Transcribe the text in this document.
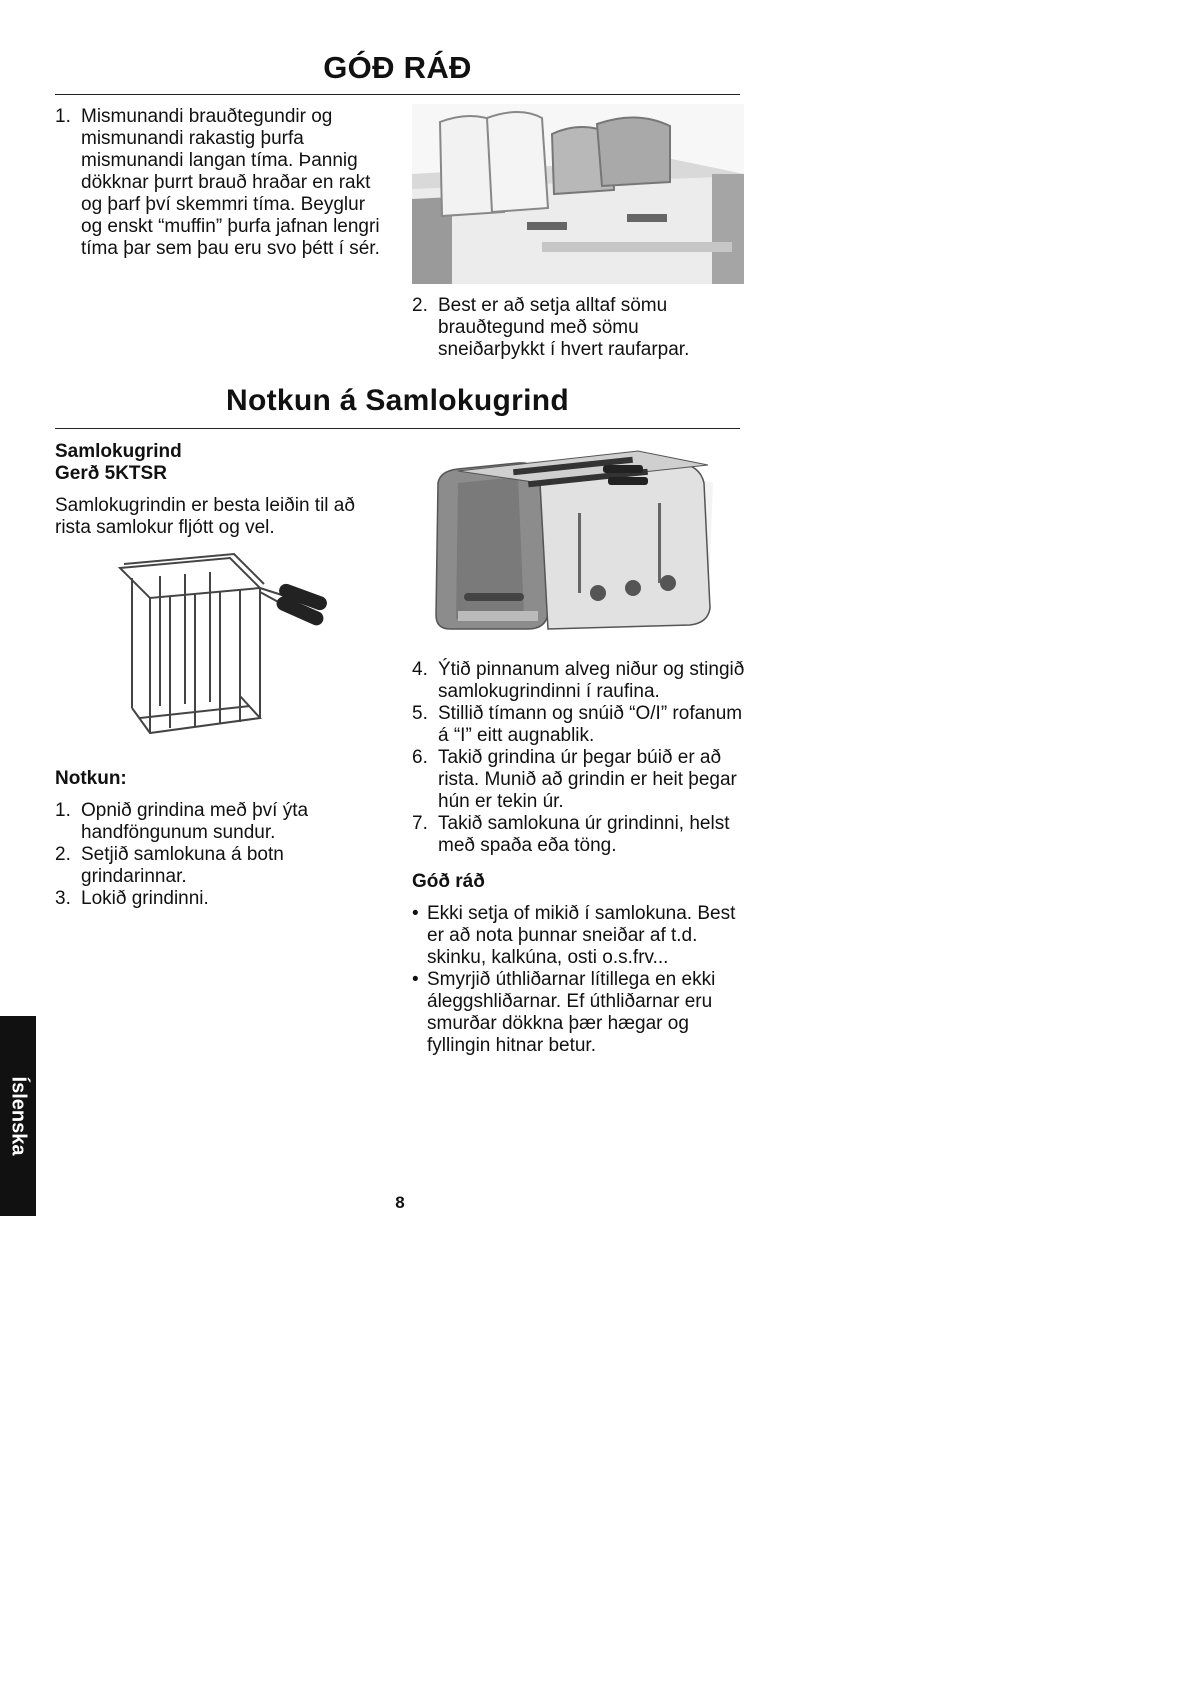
GÓÐ RÁÐ
1. Mismunandi brauðtegundir og mismunandi rakastig þurfa mismunandi langan tíma. Þannig dökknar þurrt brauð hraðar en rakt og þarf því skemmri tíma. Beyglur og enskt “muffin” þurfa jafnan lengri tíma þar sem þau eru svo þétt í sér.
2. Best er að setja alltaf sömu brauðtegund með sömu sneiðarþykkt í hvert raufarpar.
Notkun á Samlokugrind
Samlokugrind
Gerð 5KTSR
Samlokugrindin er besta leiðin til að rista samlokur fljótt og vel.
Notkun:
1. Opnið grindina með því ýta handföngunum sundur.
2. Setjið samlokuna á botn grindarinnar.
3. Lokið grindinni.
4. Ýtið pinnanum alveg niður og stingið samlokugrindinni í raufina.
5. Stillið tímann og snúið “O/I” rofanum á “I” eitt augnablik.
6. Takið grindina úr þegar búið er að rista. Munið að grindin er heit þegar hún er tekin úr.
7. Takið samlokuna úr grindinni, helst með spaða eða töng.
Góð ráð
• Ekki setja of mikið í samlokuna. Best er að nota þunnar sneiðar af t.d. skinku, kalkúna, osti o.s.frv...
• Smyrjið úthliðarnar lítillega en ekki áleggshliðarnar. Ef úthliðarnar eru smurðar dökkna þær hægar og fyllingin hitnar betur.
Íslenska
8
